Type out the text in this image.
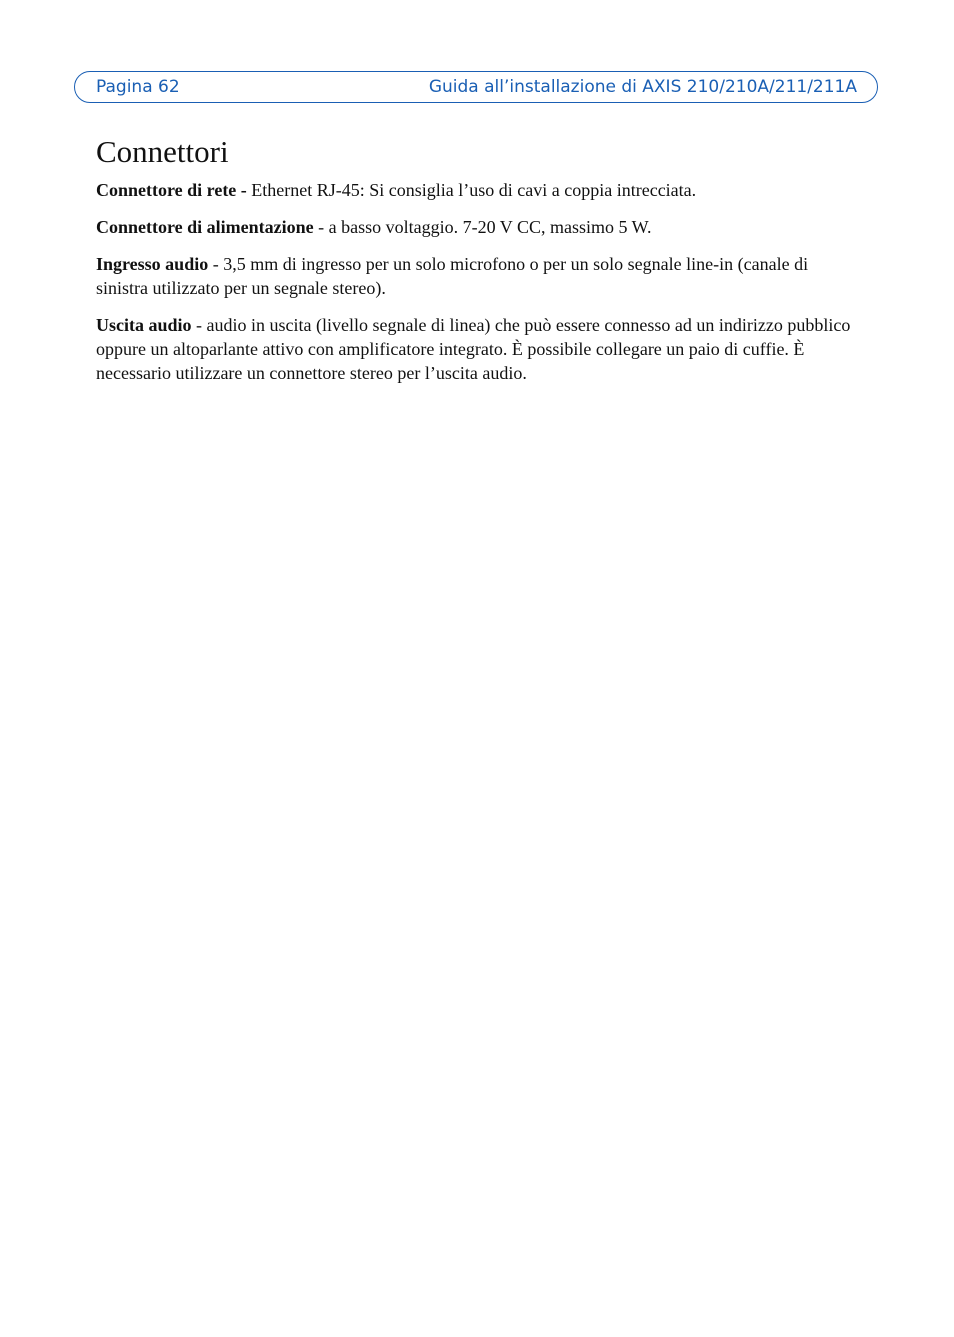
Pagina 62	Guida all’installazione di AXIS 210/210A/211/211A
Connettori

Connettore di rete - Ethernet RJ-45: Si consiglia l’uso di cavi a coppia intrecciata.

Connettore di alimentazione - a basso voltaggio. 7-20 V CC, massimo 5 W.

Ingresso audio - 3,5 mm di ingresso per un solo microfono o per un solo segnale line-in (canale di sinistra utilizzato per un segnale stereo).

Uscita audio - audio in uscita (livello segnale di linea) che può essere connesso ad un indirizzo pubblico oppure un altoparlante attivo con amplificatore integrato. È possibile collegare un paio di cuffie. È necessario utilizzare un connettore stereo per l’uscita audio.
